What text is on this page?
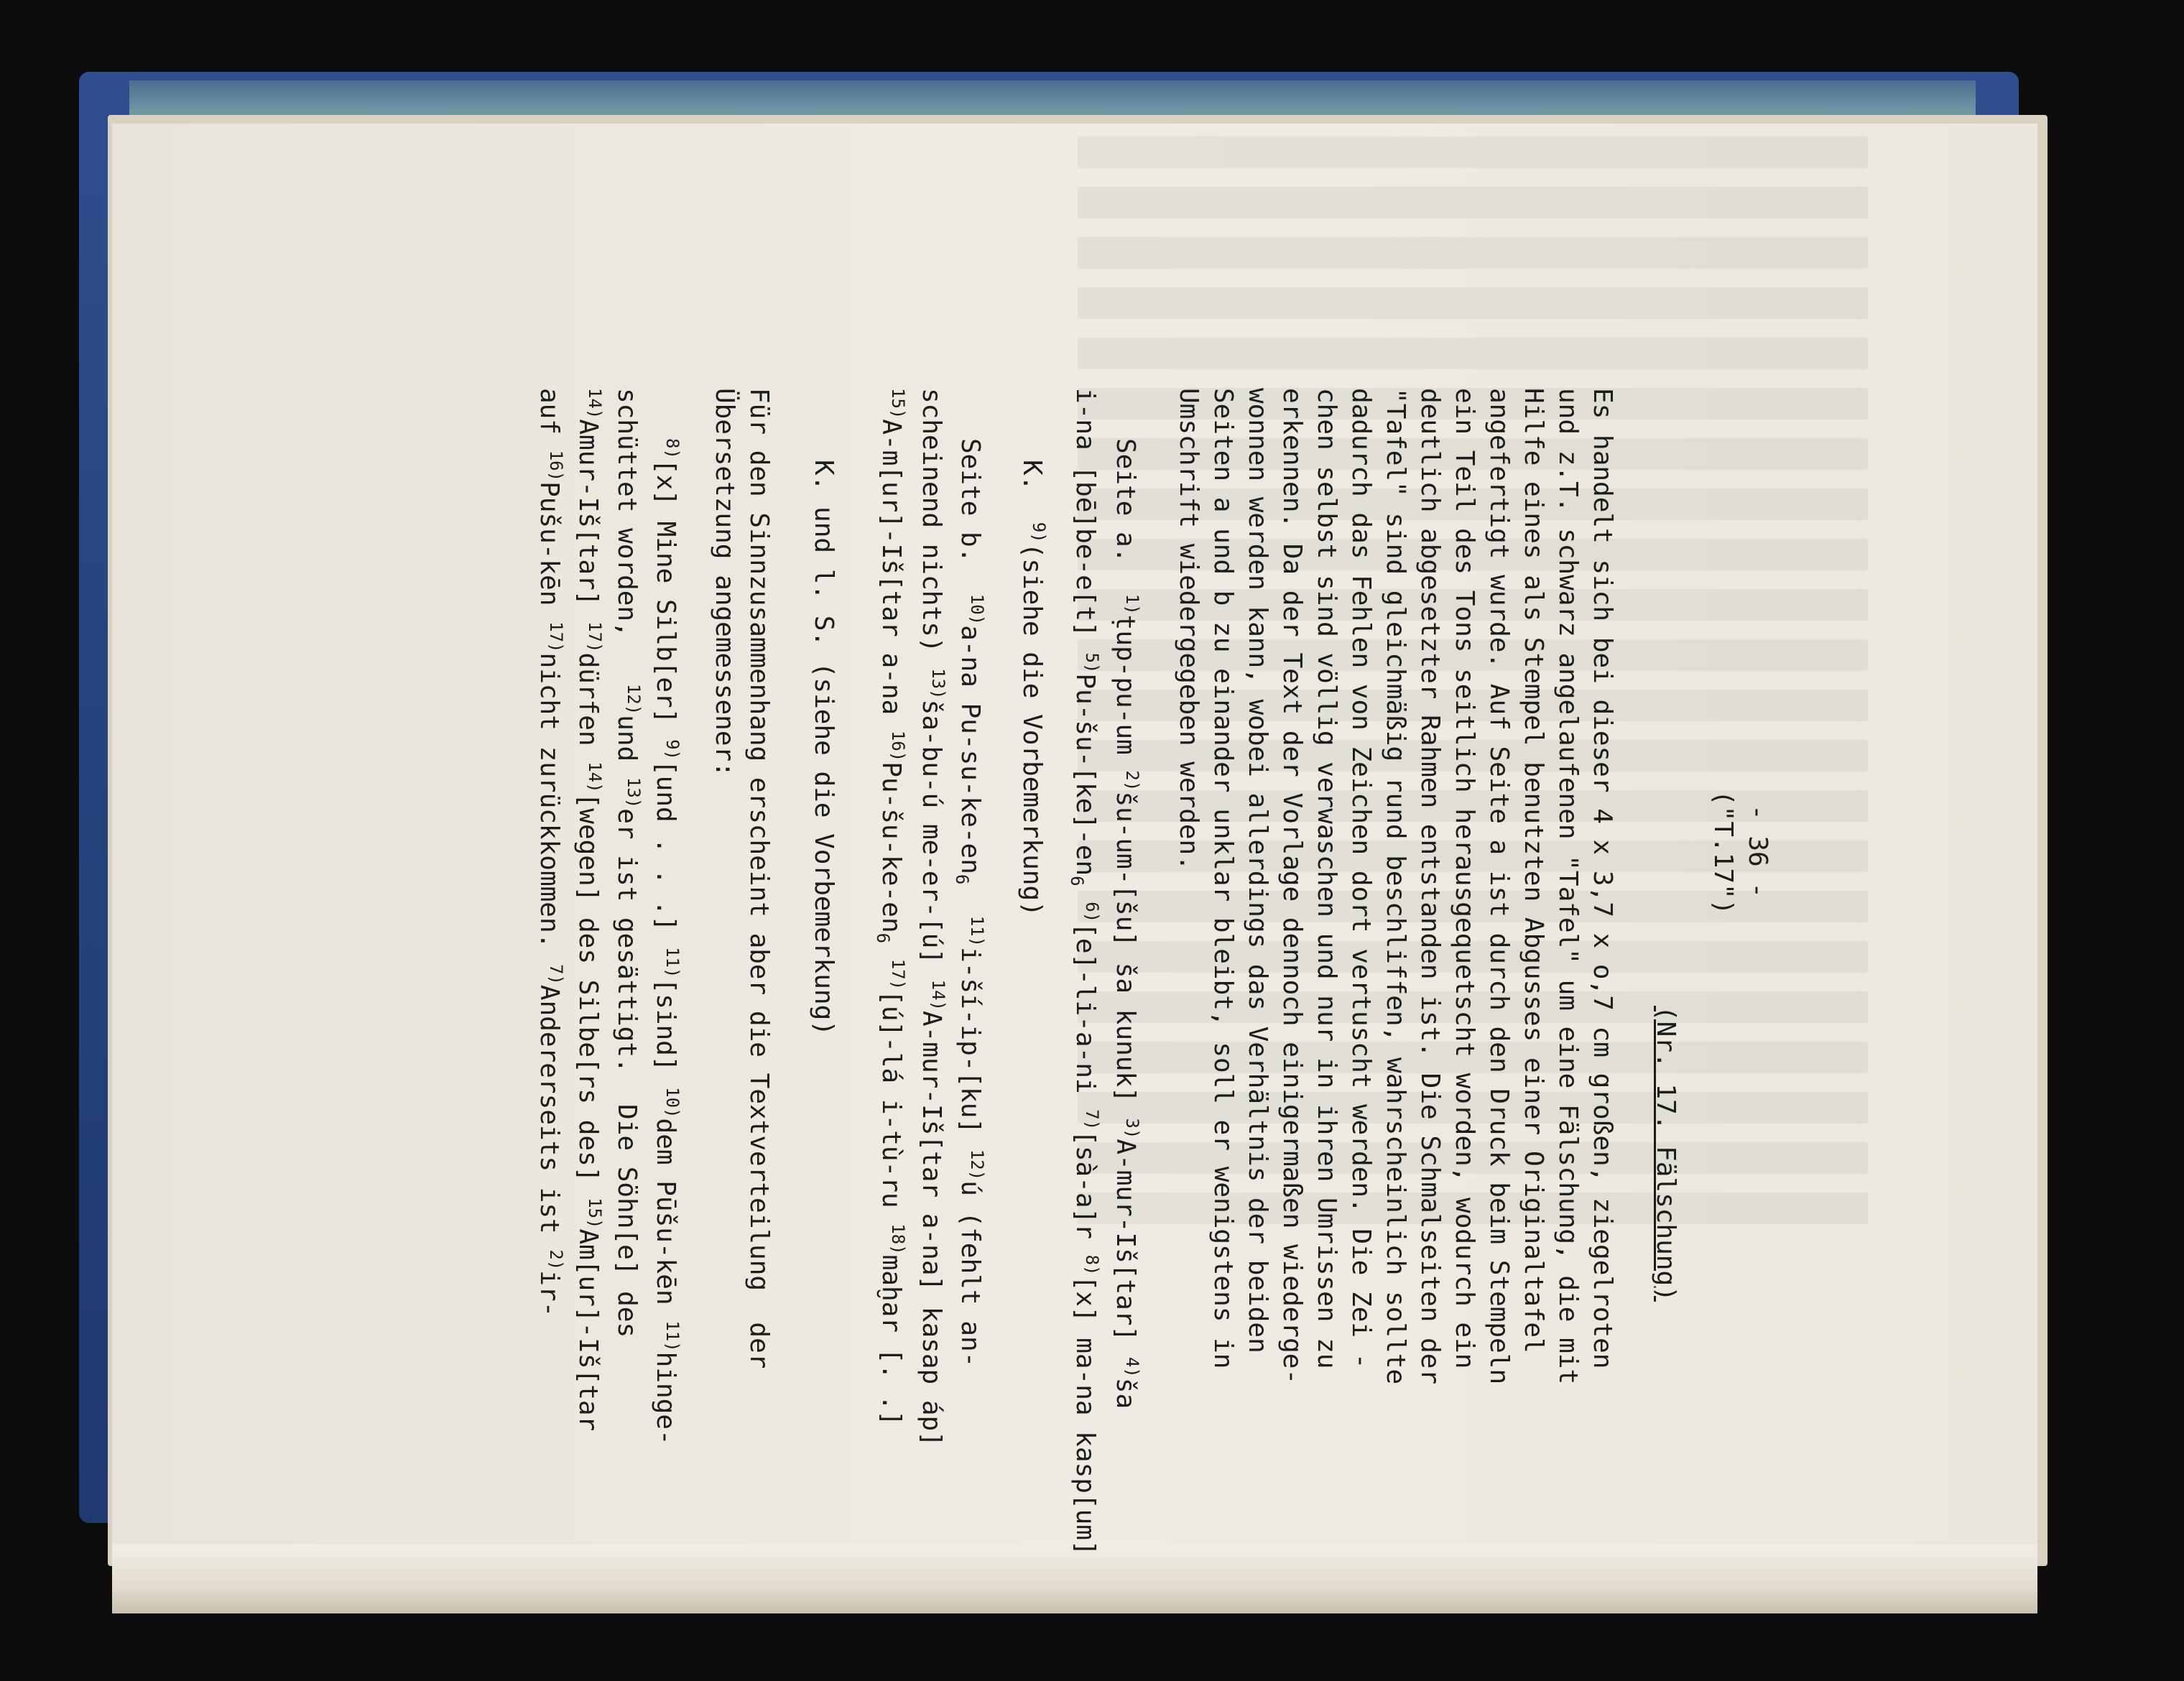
- 36 -
("T.17")
(Nr. 17. Fälschung)
Es handelt sich bei dieser 4 x 3,7 x o,7 cm großen, ziegelroten
und z.T. schwarz angelaufenen "Tafel" um eine Fälschung, die mit
Hilfe eines als Stempel benutzten Abgusses einer Originaltafel
angefertigt wurde. Auf Seite a ist durch den Druck beim Stempeln
ein Teil des Tons seitlich herausgequetscht worden, wodurch ein
deutlich abgesetzter Rahmen entstanden ist. Die Schmalseiten der
"Tafel" sind gleichmäßig rund beschliffen, wahrscheinlich sollte
dadurch das Fehlen von Zeichen dort vertuscht werden. Die Zei -
chen selbst sind völlig verwaschen und nur in ihren Umrissen zu
erkennen. Da der Text der Vorlage dennoch einigermaßen wiederge-
wonnen werden kann, wobei allerdings das Verhältnis der beiden
Seiten a und b zu einander unklar bleibt, soll er wenigstens in
Umschrift wiedergegeben werden.
Seite a.  $^{1)}$ṭup-pu-um $^{2)}$šu-um-[šu] ša kunuk] $^{3)}$A-mur-Iš[tar] $^{4)}$ša
i-na [bē]be-e[t] $^{5)}Pu-šu-[ke]-en_6$ $^{6)}$[e]-li-a-ni $^{7)}$[sà-a]r $^{8)}$[x] ma-na kasp[um]
K.  $^{9)}$(siehe die Vorbemerkung)
Seite b.  $^{10)}$a-na $Pu-su-ke-en_6$  $^{11)}$i-ší-ip-[ku] $^{12)}$ú (fehlt an-
scheinend nichts) $^{13)}$ša-bu-ú me-er-[ú] $^{14)}$A-mur-Iš[tar a-na] kasap áp]
$^{15)}$A-m[ur]-Iš[tar a-na $^{16)}Pu-šu-ke-en_6$ $^{17)}$[ú]-lá i-tù-ru $^{18)}$maḫar [. .]
K. und l. S. (siehe die Vorbemerkung)
Für den Sinnzusammenhang erscheint aber die Textverteilung  der
Übersetzung angemessener:
$^{8)}$[x] Mine Silb[er] $^{9)}$[und . . .] $^{11)}$[sind] $^{10)}$dem Pūšu-kēn $^{11)}$hinge-
schüttet worden,   $^{12)}$und $^{13)}$er ist gesättigt.  Die Söhn[e] des
$^{14)}$Amur-Iš[tar] $^{17)}$dürfen $^{14)}$[wegen] des Silbe[rs des] $^{15)}$Am[ur]-Iš[tar
auf $^{16)}$Pušu-kēn $^{17)}$nicht zurückkommen. $^{7)}$Andererseits ist $^{2)}$ir-
